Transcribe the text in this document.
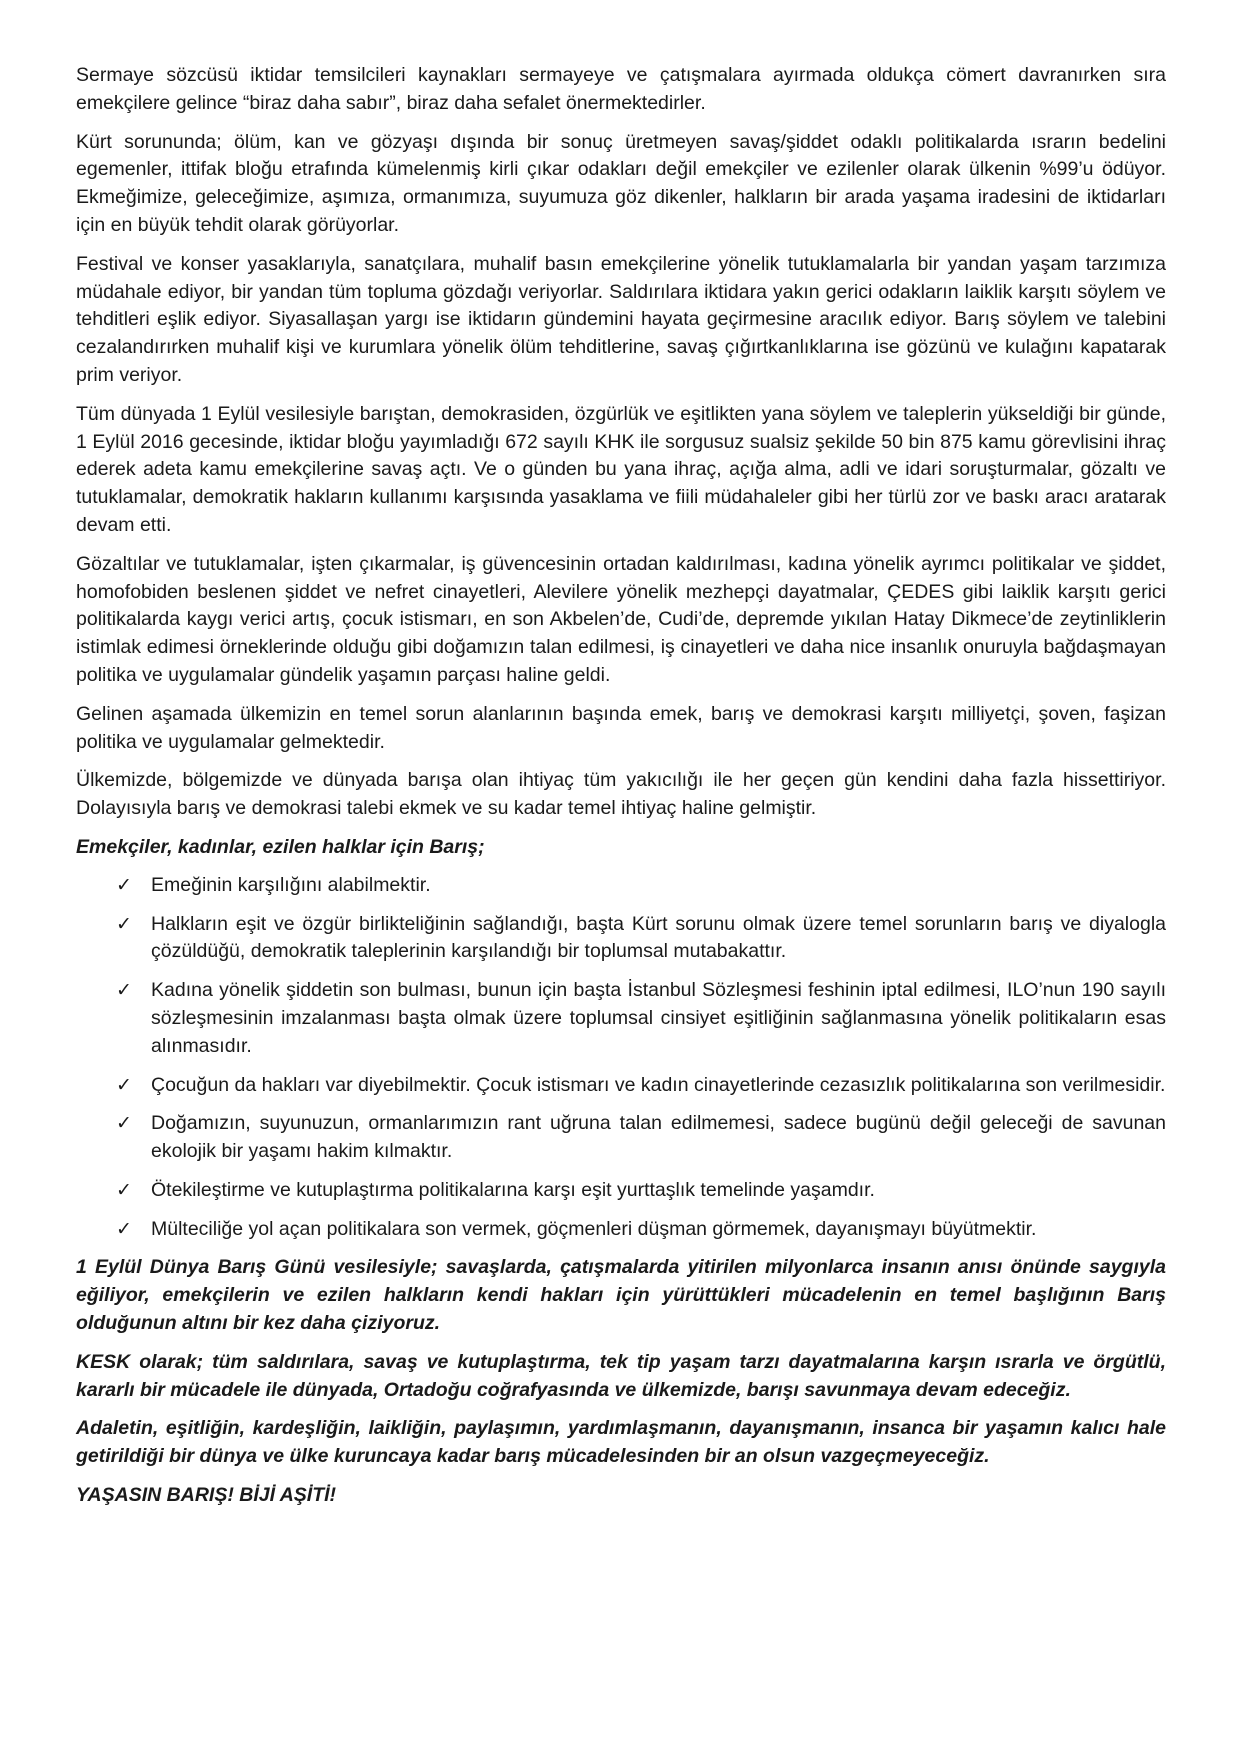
Sermaye sözcüsü iktidar temsilcileri kaynakları sermayeye ve çatışmalara ayırmada oldukça cömert davranırken sıra emekçilere gelince “biraz daha sabır”, biraz daha sefalet önermektedirler.

Kürt sorununda; ölüm, kan ve gözyaşı dışında bir sonuç üretmeyen savaş/şiddet odaklı politikalarda ısrarın bedelini egemenler, ittifak bloğu etrafında kümelenmiş kirli çıkar odakları değil emekçiler ve ezilenler olarak ülkenin %99’u ödüyor. Ekmeğimize, geleceğimize, aşımıza, ormanımıza, suyumuza göz dikenler, halkların bir arada yaşama iradesini de iktidarları için en büyük tehdit olarak görüyorlar.

Festival ve konser yasaklarıyla, sanatçılara, muhalif basın emekçilerine yönelik tutuklamalarla bir yandan yaşam tarzımıza müdahale ediyor, bir yandan tüm topluma gözdağı veriyorlar. Saldırılara iktidara yakın gerici odakların laiklik karşıtı söylem ve tehditleri eşlik ediyor. Siyasallaşan yargı ise iktidarın gündemini hayata geçirmesine aracılık ediyor. Barış söylem ve talebini cezalandırırken muhalif kişi ve kurumlara yönelik ölüm tehditlerine, savaş çığırtkanlıklarına ise gözünü ve kulağını kapatarak prim veriyor.

Tüm dünyada 1 Eylül vesilesiyle barıştan, demokrasiden, özgürlük ve eşitlikten yana söylem ve taleplerin yükseldiği bir günde, 1 Eylül 2016 gecesinde, iktidar bloğu yayımladığı 672 sayılı KHK ile sorgusuz sualsiz şekilde 50 bin 875 kamu görevlisini ihraç ederek adeta kamu emekçilerine savaş açtı. Ve o günden bu yana ihraç, açığa alma, adli ve idari soruşturmalar, gözaltı ve tutuklamalar, demokratik hakların kullanımı karşısında yasaklama ve fiili müdahaleler gibi her türlü zor ve baskı aracı aratarak devam etti.

Gözaltılar ve tutuklamalar, işten çıkarmalar, iş güvencesinin ortadan kaldırılması, kadına yönelik ayrımcı politikalar ve şiddet, homofobiden beslenen şiddet ve nefret cinayetleri, Alevilere yönelik mezhepçi dayatmalar, ÇEDES gibi laiklik karşıtı gerici politikalarda kaygı verici artış, çocuk istismarı, en son Akbelen’de, Cudi’de, depremde yıkılan Hatay Dikmece’de zeytinliklerin istimlak edimesi örneklerinde olduğu gibi doğamızın talan edilmesi, iş cinayetleri ve daha nice insanlık onuruyla bağdaşmayan politika ve uygulamalar gündelik yaşamın parçası haline geldi.

Gelinen aşamada ülkemizin en temel sorun alanlarının başında emek, barış ve demokrasi karşıtı milliyetçi, şoven, faşizan politika ve uygulamalar gelmektedir.

Ülkemizde, bölgemizde ve dünyada barışa olan ihtiyaç tüm yakıcılığı ile her geçen gün kendini daha fazla hissettiriyor. Dolayısıyla barış ve demokrasi talebi ekmek ve su kadar temel ihtiyaç haline gelmiştir.

Emekçiler, kadınlar, ezilen halklar için Barış;

✓ Emeğinin karşılığını alabilmektir.
✓ Halkların eşit ve özgür birlikteliğinin sağlandığı, başta Kürt sorunu olmak üzere temel sorunların barış ve diyalogla çözüldüğü, demokratik taleplerinin karşılandığı bir toplumsal mutabakattır.
✓ Kadına yönelik şiddetin son bulması, bunun için başta İstanbul Sözleşmesi feshinin iptal edilmesi, ILO’nun 190 sayılı sözleşmesinin imzalanması başta olmak üzere toplumsal cinsiyet eşitliğinin sağlanmasına yönelik politikaların esas alınmasıdır.
✓ Çocuğun da hakları var diyebilmektir. Çocuk istismarı ve kadın cinayetlerinde cezasızlık politikalarına son verilmesidir.
✓ Doğamızın, suyunuzun, ormanlarımızın rant uğruna talan edilmemesi, sadece bugünü değil geleceği de savunan ekolojik bir yaşamı hakim kılmaktır.
✓ Ötekileştirme ve kutuplaştırma politikalarına karşı eşit yurttaşlık temelinde yaşamdır.
✓ Mülteciliğe yol açan politikalara son vermek, göçmenleri düşman görmemek, dayanışmayı büyütmektir.

1 Eylül Dünya Barış Günü vesilesiyle; savaşlarda, çatışmalarda yitirilen milyonlarca insanın anısı önünde saygıyla eğiliyor, emekçilerin ve ezilen halkların kendi hakları için yürüttükleri mücadelenin en temel başlığının Barış olduğunun altını bir kez daha çiziyoruz.

KESK olarak; tüm saldırılara, savaş ve kutuplaştırma, tek tip yaşam tarzı dayatmalarına karşın ısrarla ve örgütlü, kararlı bir mücadele ile dünyada, Ortadoğu coğrafyasında ve ülkemizde, barışı savunmaya devam edeceğiz.

Adaletin, eşitliğin, kardeşliğin, laikliğin, paylaşımın, yardımlaşmanın, dayanışmanın, insanca bir yaşamın kalıcı hale getirildiği bir dünya ve ülke kuruncaya kadar barış mücadelesinden bir an olsun vazgeçmeyeceğiz.

YAŞASIN BARIŞ! BİJİ AŞİTİ!
